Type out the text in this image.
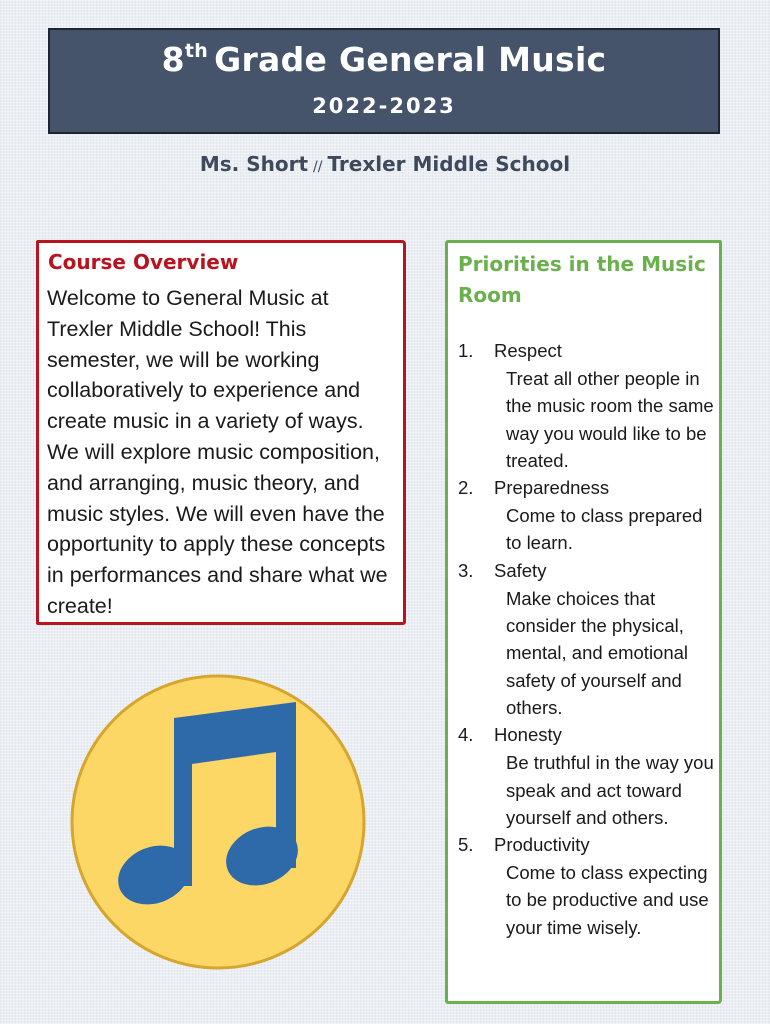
8th Grade General Music
2022-2023
Ms. Short // Trexler Middle School
Course Overview
Welcome to General Music at Trexler Middle School! This semester, we will be working collaboratively to experience and create music in a variety of ways. We will explore music composition, and arranging, music theory, and music styles. We will even have the opportunity to apply these concepts in performances and share what we create!
Priorities in the Music Room
1. Respect
Treat all other people in the music room the same way you would like to be treated.
2. Preparedness
Come to class prepared to learn.
3. Safety
Make choices that consider the physical, mental, and emotional safety of yourself and others.
4. Honesty
Be truthful in the way you speak and act toward yourself and others.
5. Productivity
Come to class expecting to be productive and use your time wisely.
